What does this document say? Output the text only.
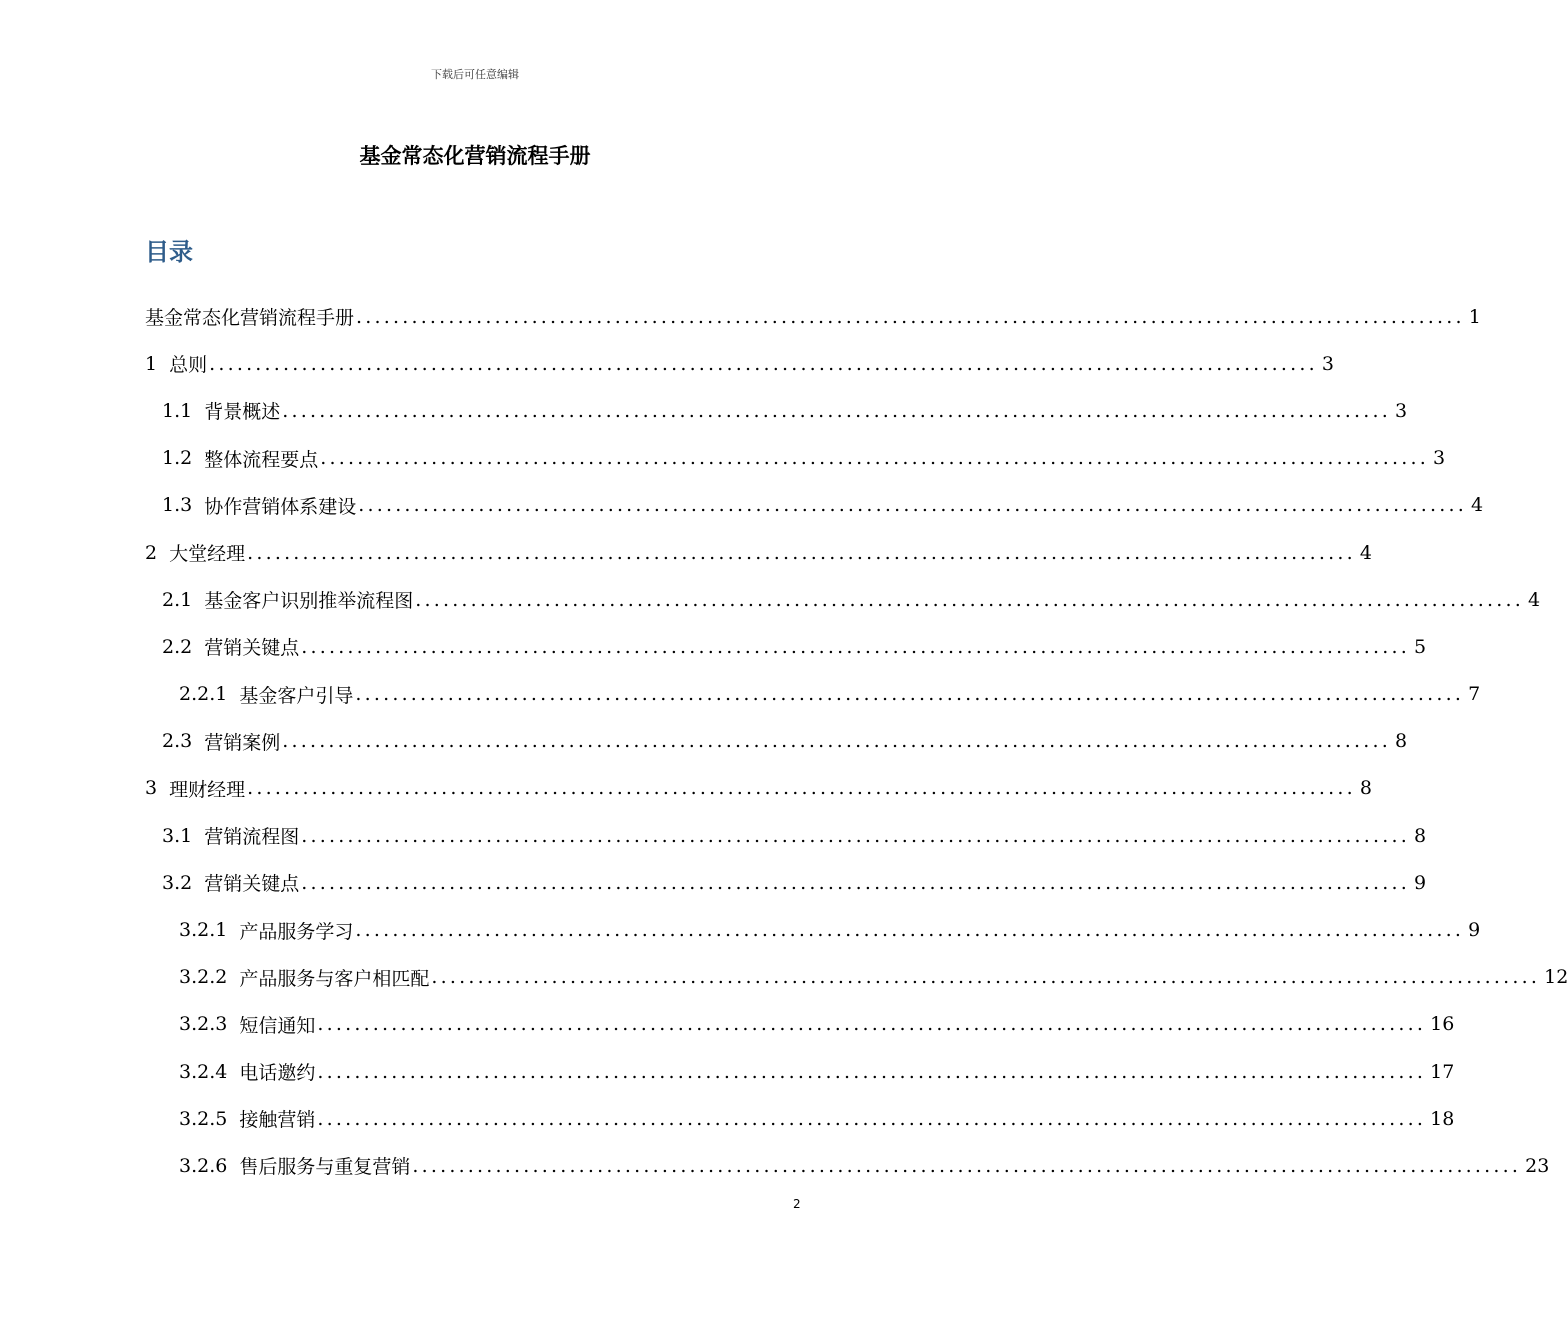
下载后可任意编辑
基金常态化营销流程手册
目录
基金常态化营销流程手册 ........................................................................................................................ 1
1 总则 ........................................................................................................................ 3
1.1 背景概述 ........................................................................................................................ 3
1.2 整体流程要点 ........................................................................................................................ 3
1.3 协作营销体系建设 ........................................................................................................................ 4
2 大堂经理 ........................................................................................................................ 4
2.1 基金客户识别推举流程图 ........................................................................................................................ 4
2.2 营销关键点 ........................................................................................................................ 5
2.2.1 基金客户引导 ........................................................................................................................ 7
2.3 营销案例 ........................................................................................................................ 8
3 理财经理 ........................................................................................................................ 8
3.1 营销流程图 ........................................................................................................................ 8
3.2 营销关键点 ........................................................................................................................ 9
3.2.1 产品服务学习 ........................................................................................................................ 9
3.2.2 产品服务与客户相匹配 ........................................................................................................................ 12
3.2.3 短信通知 ........................................................................................................................ 16
3.2.4 电话邀约 ........................................................................................................................ 17
3.2.5 接触营销 ........................................................................................................................ 18
3.2.6 售后服务与重复营销 ........................................................................................................................ 23
2
